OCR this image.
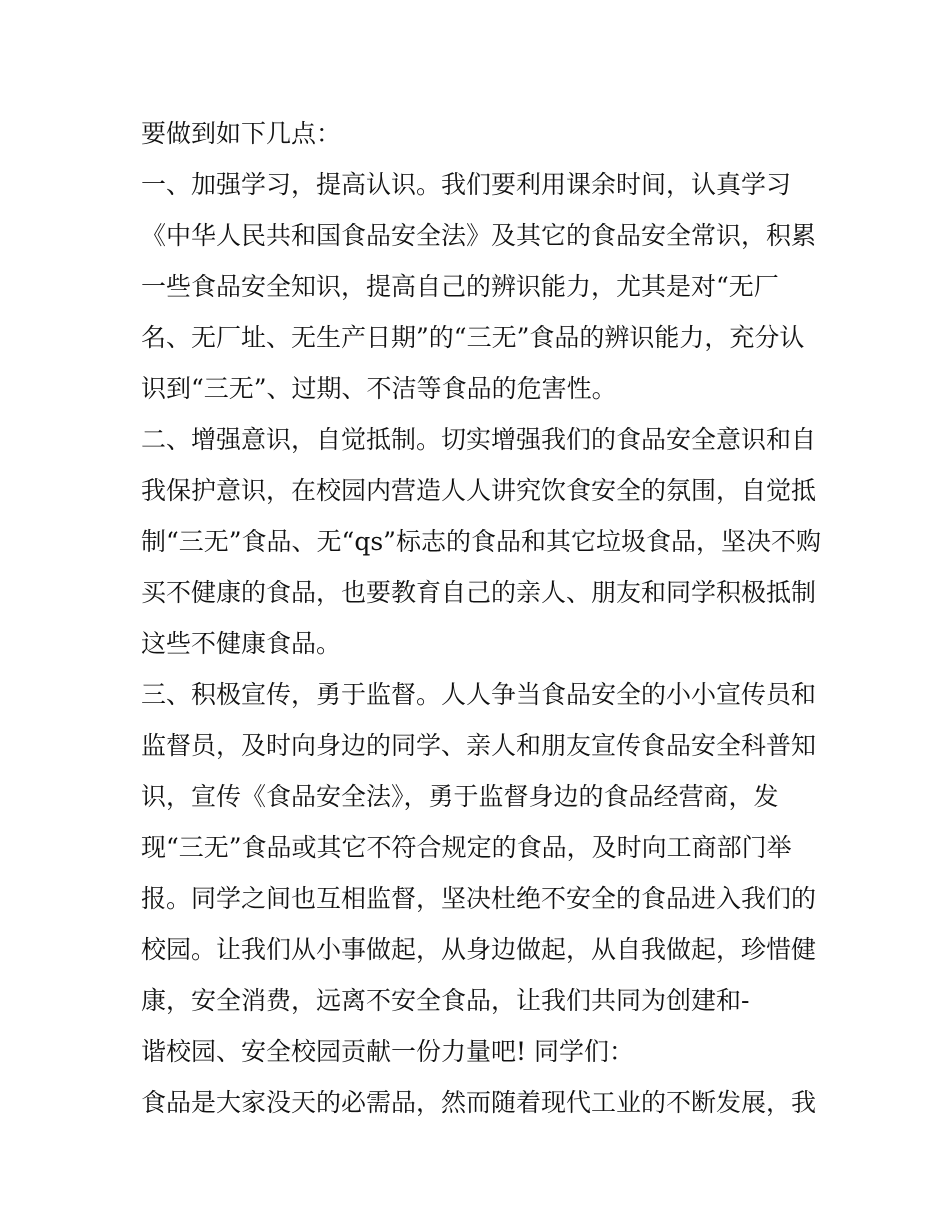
要做到如下几点：

一、加强学习，提高认识。我们要利用课余时间，认真学习

《中华人民共和国食品安全法》及其它的食品安全常识，积累

一些食品安全知识，提高自己的辨识能力，尤其是对“无厂

名、无厂址、无生产日期”的“三无”食品的辨识能力，充分认

识到“三无”、过期、不洁等食品的危害性。

二、增强意识，自觉抵制。切实增强我们的食品安全意识和自

我保护意识，在校园内营造人人讲究饮食安全的氛围，自觉抵

制“三无”食品、无“qs”标志的食品和其它垃圾食品，坚决不购

买不健康的食品，也要教育自己的亲人、朋友和同学积极抵制

这些不健康食品。

三、积极宣传，勇于监督。人人争当食品安全的小小宣传员和

监督员，及时向身边的同学、亲人和朋友宣传食品安全科普知

识，宣传《食品安全法》，勇于监督身边的食品经营商，发

现“三无”食品或其它不符合规定的食品，及时向工商部门举

报。同学之间也互相监督，坚决杜绝不安全的食品进入我们的

校园。让我们从小事做起，从身边做起，从自我做起，珍惜健

康，安全消费，远离不安全食品，让我们共同为创建和-

谐校园、安全校园贡献一份力量吧! 同学们：

食品是大家没天的必需品，然而随着现代工业的不断发展，我
